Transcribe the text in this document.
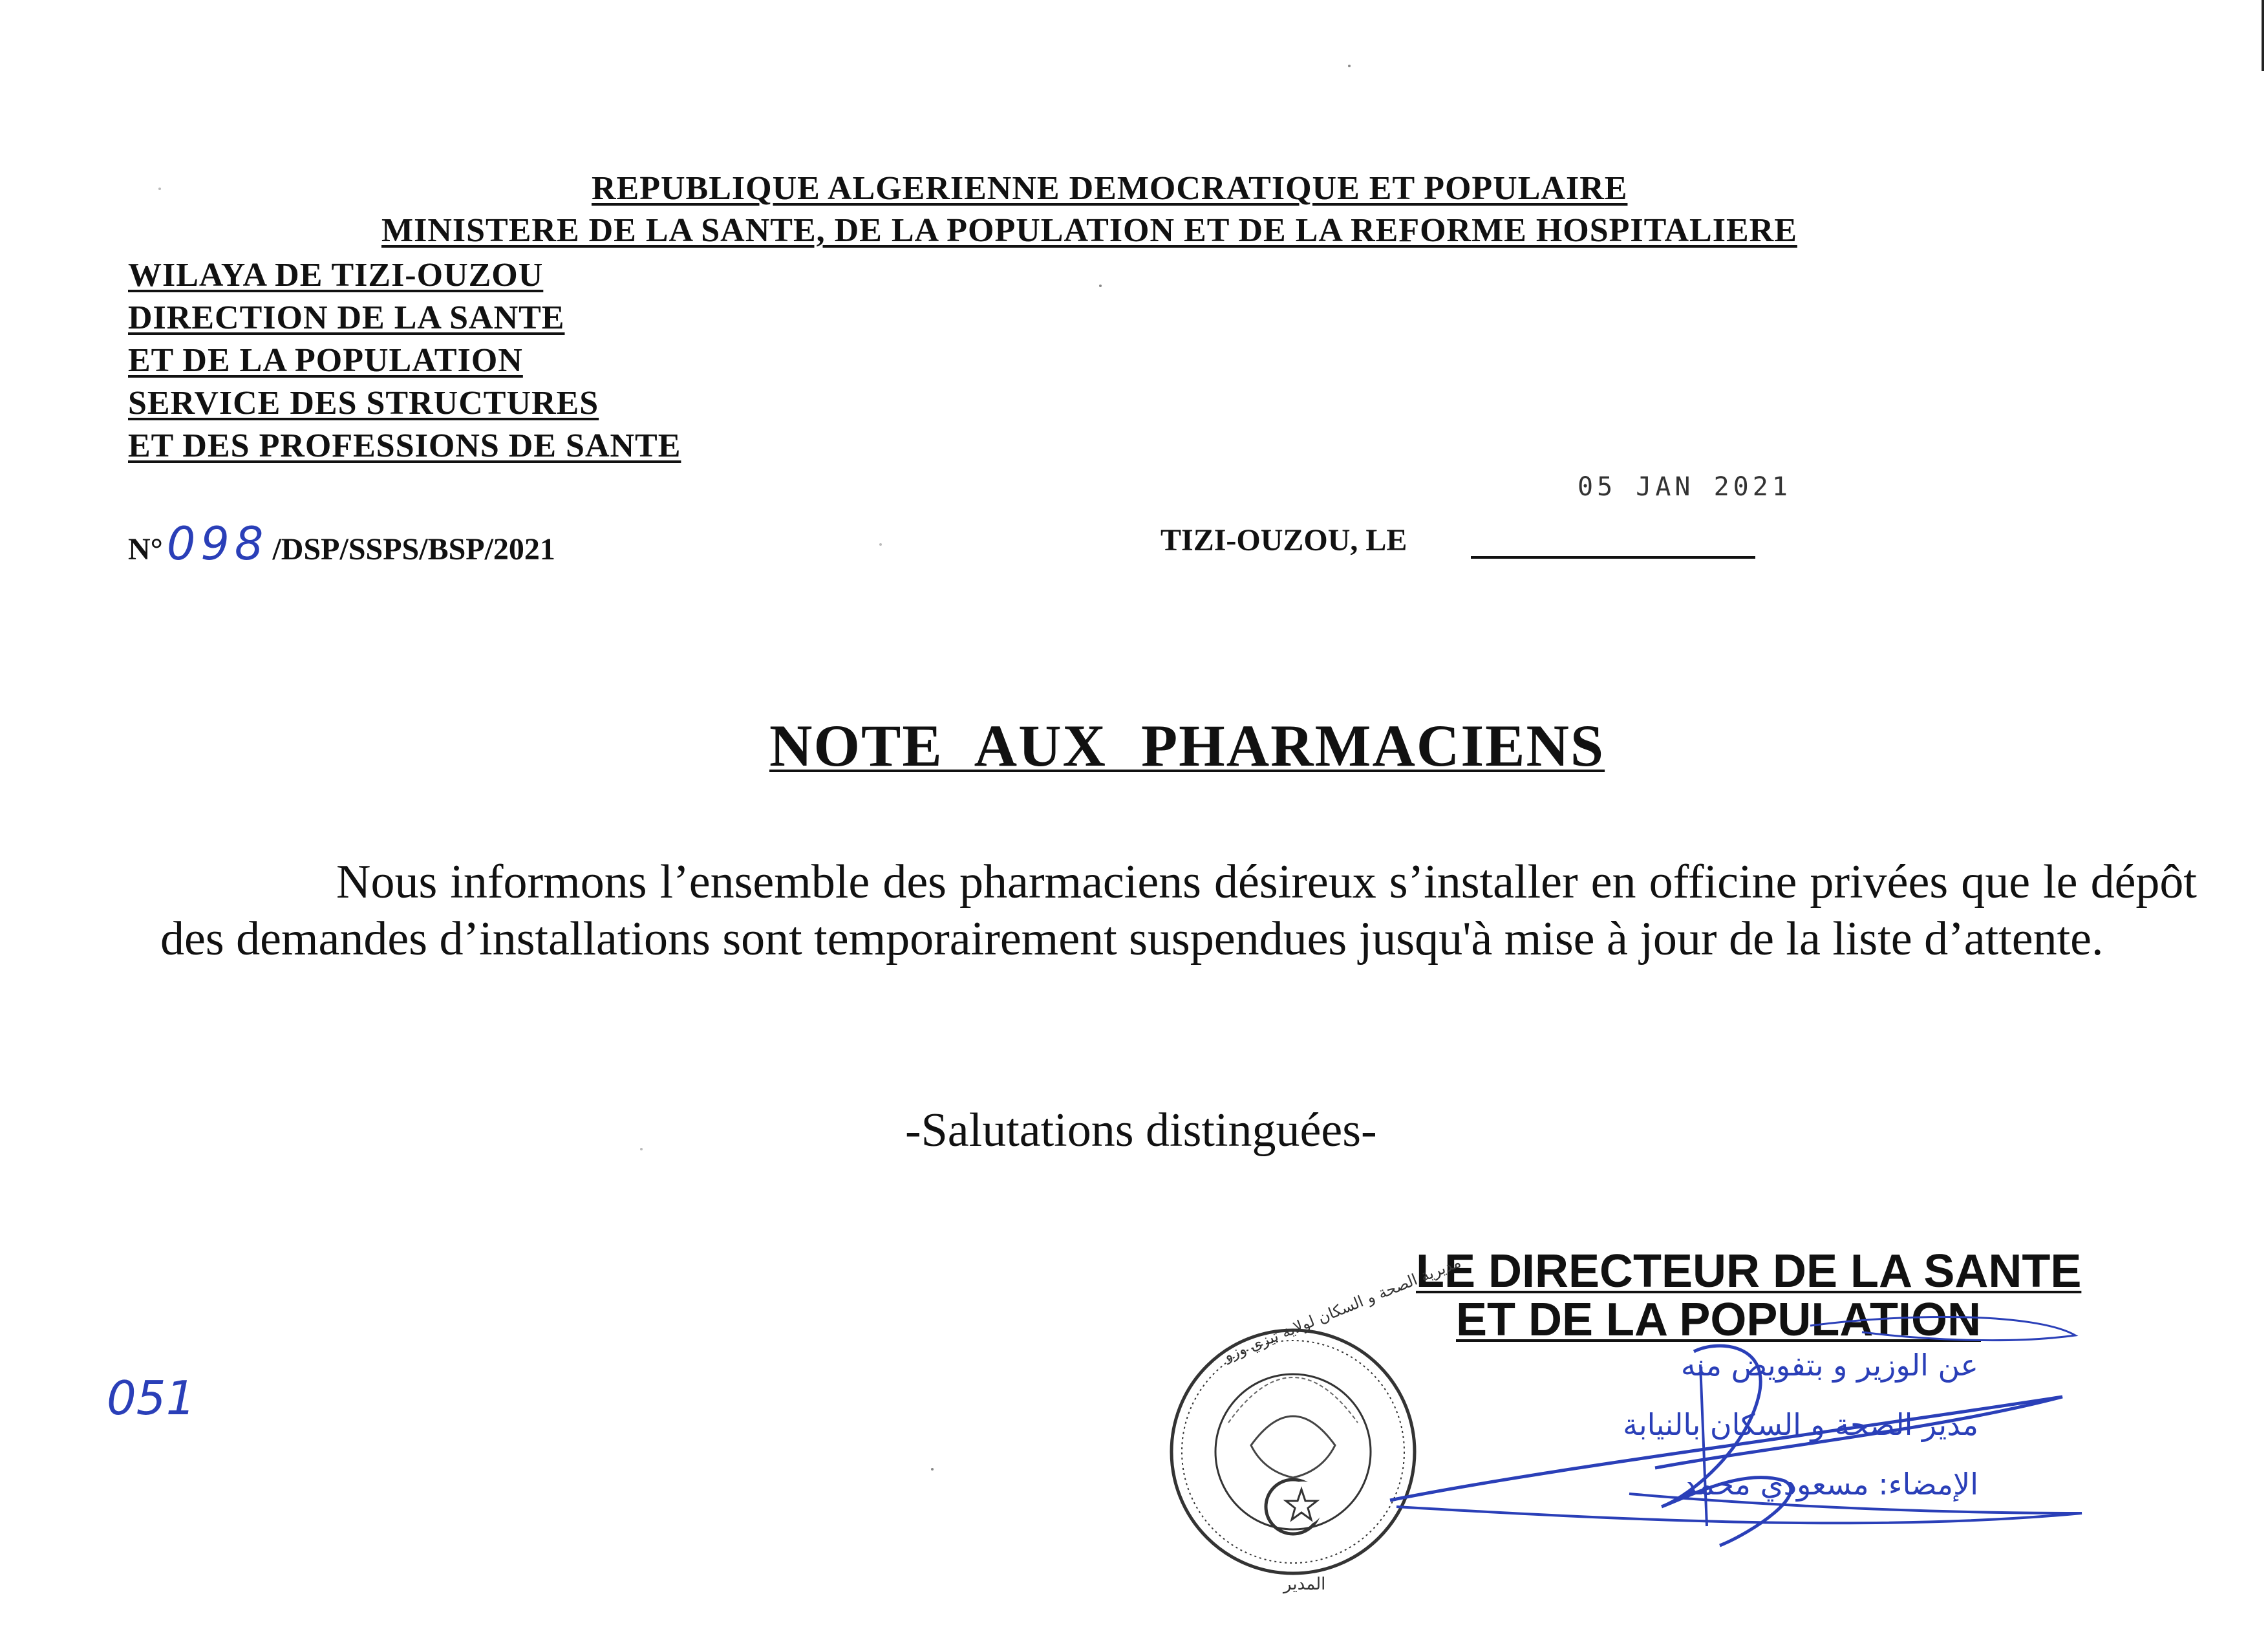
REPUBLIQUE ALGERIENNE DEMOCRATIQUE ET POPULAIRE
MINISTERE DE LA SANTE, DE LA POPULATION ET DE LA REFORME HOSPITALIERE
WILAYA DE TIZI-OUZOU
DIRECTION DE LA SANTE
ET DE LA POPULATION
SERVICE DES STRUCTURES
ET DES PROFESSIONS DE SANTE
N°098 /DSP/SSPS/BSP/2021
05 JAN 2021
TIZI-OUZOU, LE
NOTE AUX PHARMACIENS
Nous informons l’ensemble des pharmaciens désireux s’installer en officine privées que le dépôt des demandes d’installations sont temporairement suspendues jusqu'à mise à jour de la liste d’attente.
-Salutations distinguées-
LE DIRECTEUR DE LA SANTE
ET DE LA POPULATION
مديرية الصحة و السكان لولاية تيزي وزو
المدير
عن الوزير و بتفويض منه
مدير الصحة و السكان بالنيابة
الإمضاء: مسعودي محمد
051
